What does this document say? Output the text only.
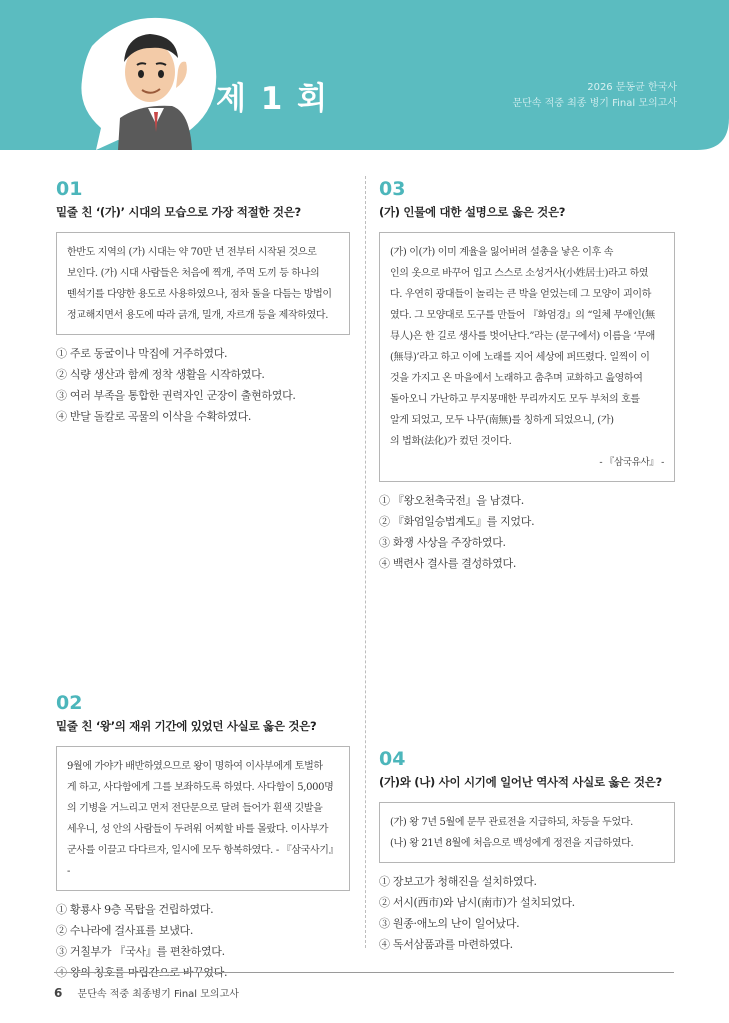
제 1 회	2026 문동균 한국사
문단속 적중 최종 병기 Final 모의고사
01
밑줄 친 ‘(가)’ 시대의 모습으로 가장 적절한 것은?
한반도 지역의 (가) 시대는 약 70만 년 전부터 시작된 것으로
보인다. (가) 시대 사람들은 처음에 찍개, 주먹 도끼 등 하나의
뗀석기를 다양한 용도로 사용하였으나, 점차 돌을 다듬는 방법이
정교해지면서 용도에 따라 긁개, 밀개, 자르개 등을 제작하였다.
① 주로 동굴이나 막집에 거주하였다.
② 식량 생산과 함께 정착 생활을 시작하였다.
③ 여러 부족을 통합한 권력자인 군장이 출현하였다.
④ 반달 돌칼로 곡물의 이삭을 수확하였다.
02
밑줄 친 ‘왕’의 재위 기간에 있었던 사실로 옳은 것은?
9월에 가야가 배반하였으므로 왕이 명하여 이사부에게 토벌하
게 하고, 사다함에게 그를 보좌하도록 하였다. 사다함이 5,000명
의 기병을 거느리고 먼저 전단문으로 달려 들어가 흰색 깃발을
세우니, 성 안의 사람들이 두려워 어찌할 바를 몰랐다. 이사부가
군사를 이끌고 다다르자, 일시에 모두 항복하였다. - 『삼국사기』 -
① 황룡사 9층 목탑을 건립하였다.
② 수나라에 걸사표를 보냈다.
③ 거칠부가 『국사』를 편찬하였다.
④ 왕의 칭호를 마립간으로 바꾸었다.
03
(가) 인물에 대한 설명으로 옳은 것은?
(가) 이(가) 이미 계율을 잃어버려 설총을 낳은 이후 속
인의 옷으로 바꾸어 입고 스스로 소성거사(小姓居士)라고 하였
다. 우연히 광대들이 놀리는 큰 박을 얻었는데 그 모양이 괴이하
였다. 그 모양대로 도구를 만들어 『화엄경』의 “일체 무애인(無
㝵人)은 한 길로 생사를 벗어난다.”라는 (문구에서) 이름을 ‘무애
(無㝵)’라고 하고 이에 노래를 지어 세상에 퍼뜨렸다. 일찍이 이
것을 가지고 온 마을에서 노래하고 춤추며 교화하고 읊영하여
돌아오니 가난하고 무지몽매한 무리까지도 모두 부처의 호를
알게 되었고, 모두 나무(南無)를 칭하게 되었으니, (가)
의 법화(法化)가 컸던 것이다.
- 『삼국유사』 -
① 『왕오천축국전』을 남겼다.
② 『화엄일승법계도』를 지었다.
③ 화쟁 사상을 주장하였다.
④ 백련사 결사를 결성하였다.
04
(가)와 (나) 사이 시기에 일어난 역사적 사실로 옳은 것은?
(가) 왕 7년 5월에 문무 관료전을 지급하되, 차등을 두었다.
(나) 왕 21년 8월에 처음으로 백성에게 정전을 지급하였다.
① 장보고가 청해진을 설치하였다.
② 서시(西市)와 남시(南市)가 설치되었다.
③ 원종·애노의 난이 일어났다.
④ 독서삼품과를 마련하였다.
6 문단속 적중 최종병기 Final 모의고사
